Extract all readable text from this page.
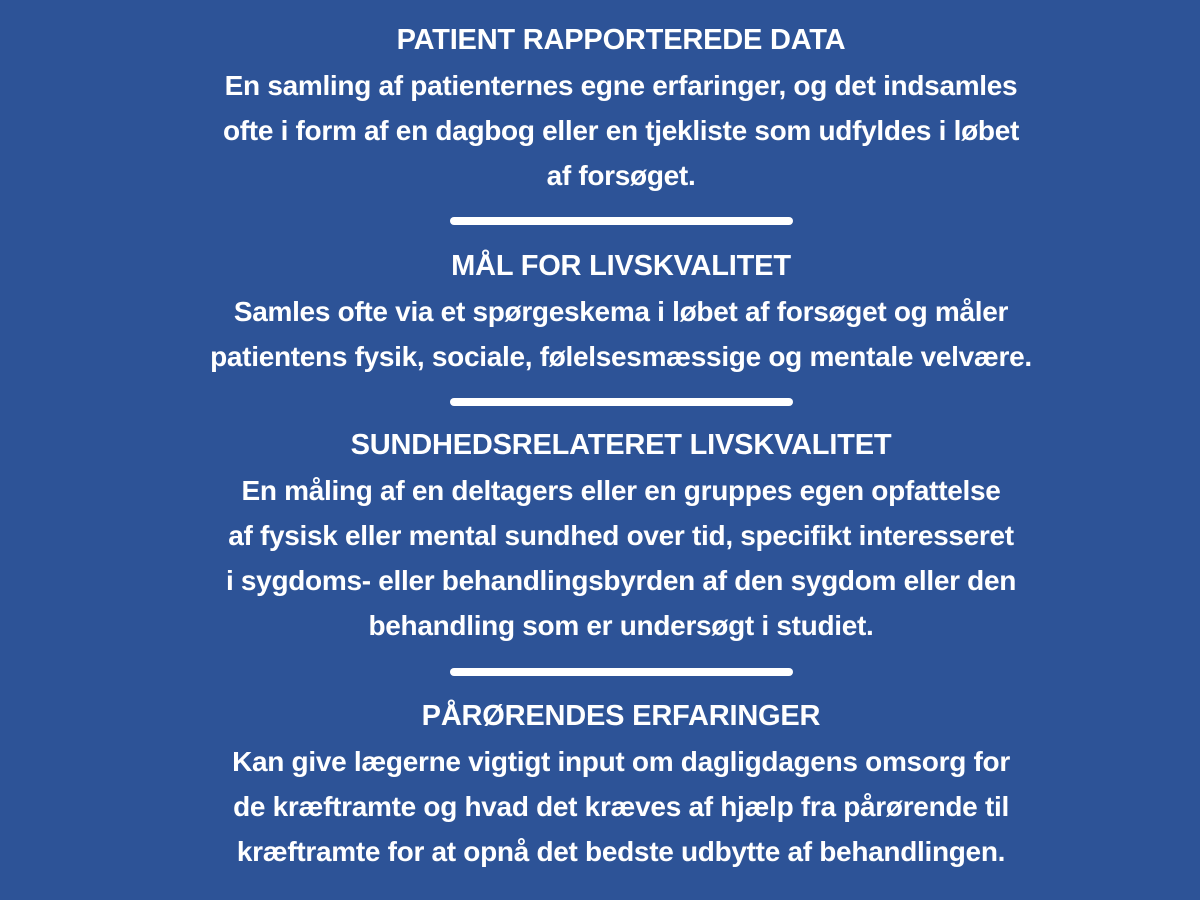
PATIENT RAPPORTEREDE DATA
En samling af patienternes egne erfaringer, og det indsamles
ofte i form af en dagbog eller en tjekliste som udfyldes i løbet
af forsøget.
MÅL FOR LIVSKVALITET
Samles ofte via et spørgeskema i løbet af forsøget og måler
patientens fysik, sociale, følelsesmæssige og mentale velvære.
SUNDHEDSRELATERET LIVSKVALITET
En måling af en deltagers eller en gruppes egen opfattelse
af fysisk eller mental sundhed over tid, specifikt interesseret
i sygdoms- eller behandlingsbyrden af den sygdom eller den
behandling som er undersøgt i studiet.
PÅRØRENDES ERFARINGER
Kan give lægerne vigtigt input om dagligdagens omsorg for
de kræftramte og hvad det kræves af hjælp fra pårørende til
kræftramte for at opnå det bedste udbytte af behandlingen.
